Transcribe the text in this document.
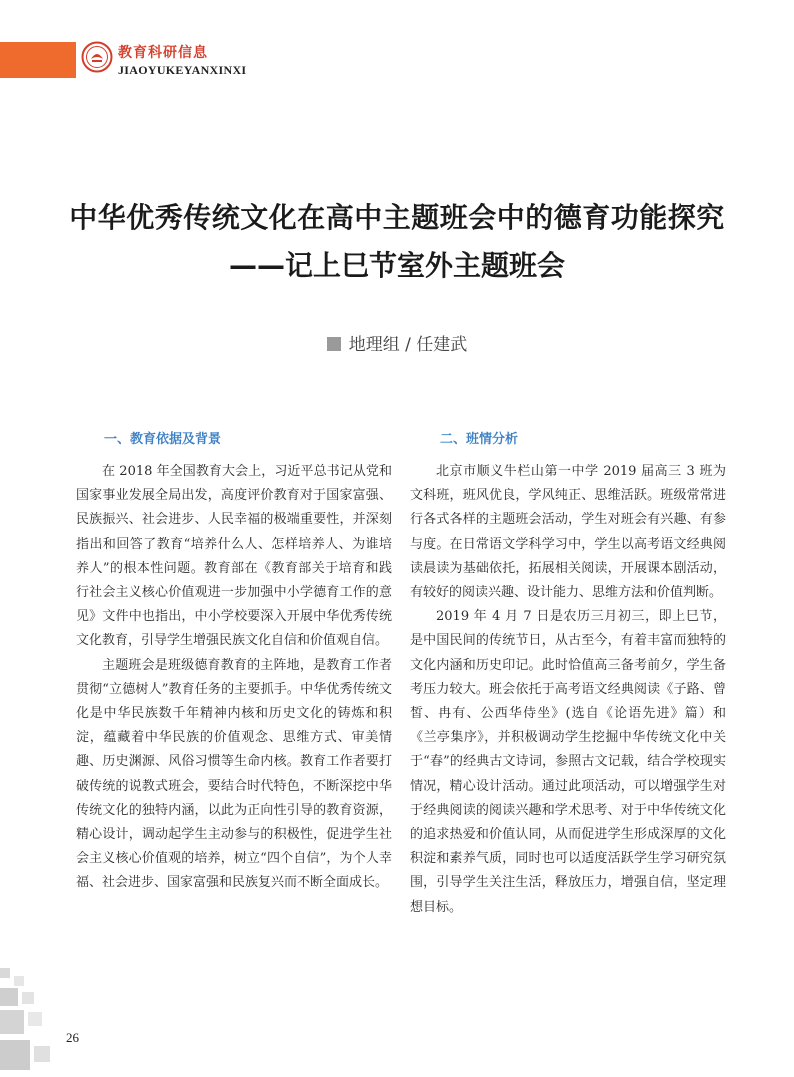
教育科研信息
JIAOYUKEYANXINXI
中华优秀传统文化在高中主题班会中的德育功能探究
——记上巳节室外主题班会
地理组 / 任建武
一、教育依据及背景	二、班情分析

在 2018 年全国教育大会上，习近平总书记从党和国家事业发展全局出发，高度评价教育对于国家富强、民族振兴、社会进步、人民幸福的极端重要性，并深刻指出和回答了教育“培养什么人、怎样培养人、为谁培养人”的根本性问题。教育部在《教育部关于培育和践行社会主义核心价值观进一步加强中小学德育工作的意见》文件中也指出，中小学校要深入开展中华优秀传统文化教育，引导学生增强民族文化自信和价值观自信。

主题班会是班级德育教育的主阵地，是教育工作者贯彻“立德树人”教育任务的主要抓手。中华优秀传统文化是中华民族数千年精神内核和历史文化的铸炼和积淀，蕴藏着中华民族的价值观念、思维方式、审美情趣、历史渊源、风俗习惯等生命内核。教育工作者要打破传统的说教式班会，要结合时代特色，不断深挖中华传统文化的独特内涵，以此为正向性引导的教育资源，精心设计，调动起学生主动参与的积极性，促进学生社会主义核心价值观的培养，树立“四个自信”，为个人幸福、社会进步、国家富强和民族复兴而不断全面成长。

北京市顺义牛栏山第一中学 2019 届高三 3 班为文科班，班风优良，学风纯正、思维活跃。班级常常进行各式各样的主题班会活动，学生对班会有兴趣、有参与度。在日常语文学科学习中，学生以高考语文经典阅读晨读为基础依托，拓展相关阅读，开展课本剧活动，有较好的阅读兴趣、设计能力、思维方法和价值判断。

2019 年 4 月 7 日是农历三月初三，即上巳节，是中国民间的传统节日，从古至今，有着丰富而独特的文化内涵和历史印记。此时恰值高三备考前夕，学生备考压力较大。班会依托于高考语文经典阅读《子路、曾皙、冉有、公西华侍坐》(选自《论语先进》篇）和《兰亭集序》，并积极调动学生挖掘中华传统文化中关于“春”的经典古文诗词，参照古文记载，结合学校现实情况，精心设计活动。通过此项活动，可以增强学生对于经典阅读的阅读兴趣和学术思考、对于中华传统文化的追求热爱和价值认同，从而促进学生形成深厚的文化积淀和素养气质，同时也可以适度活跃学生学习研究氛围，引导学生关注生活，释放压力，增强自信，坚定理想目标。

26
